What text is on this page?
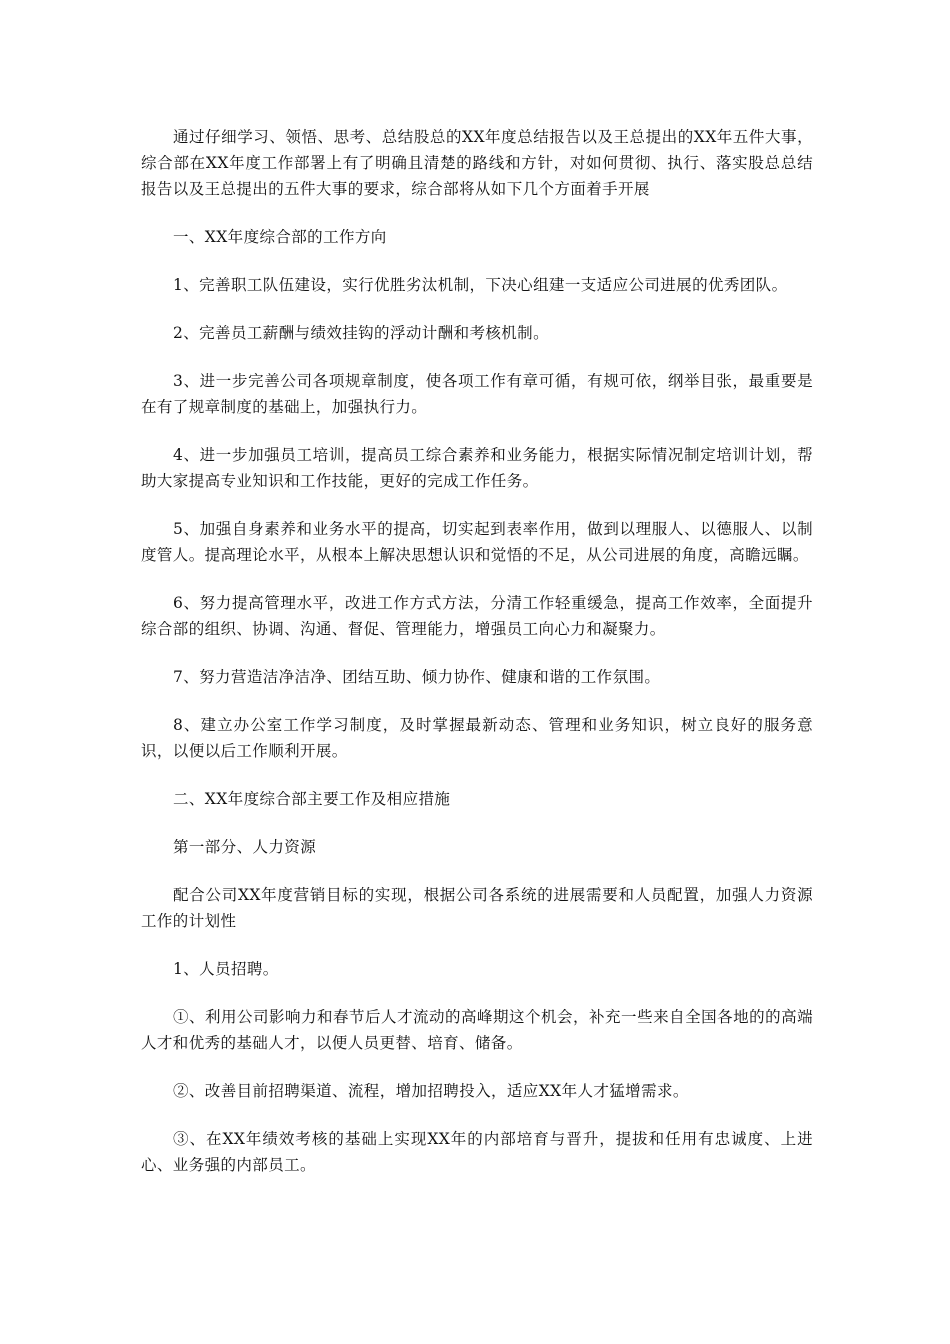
通过仔细学习、领悟、思考、总结股总的XX年度总结报告以及王总提出的XX年五件大事，综合部在XX年度工作部署上有了明确且清楚的路线和方针，对如何贯彻、执行、落实股总总结报告以及王总提出的五件大事的要求，综合部将从如下几个方面着手开展

一、XX年度综合部的工作方向

1、完善职工队伍建设，实行优胜劣汰机制，下决心组建一支适应公司进展的优秀团队。

2、完善员工薪酬与绩效挂钩的浮动计酬和考核机制。

3、进一步完善公司各项规章制度，使各项工作有章可循，有规可依，纲举目张，最重要是在有了规章制度的基础上，加强执行力。

4、进一步加强员工培训，提高员工综合素养和业务能力，根据实际情况制定培训计划，帮助大家提高专业知识和工作技能，更好的完成工作任务。

5、加强自身素养和业务水平的提高，切实起到表率作用，做到以理服人、以德服人、以制度管人。提高理论水平，从根本上解决思想认识和觉悟的不足，从公司进展的角度，高瞻远瞩。

6、努力提高管理水平，改进工作方式方法，分清工作轻重缓急，提高工作效率，全面提升综合部的组织、协调、沟通、督促、管理能力，增强员工向心力和凝聚力。

7、努力营造洁净洁净、团结互助、倾力协作、健康和谐的工作氛围。

8、建立办公室工作学习制度，及时掌握最新动态、管理和业务知识，树立良好的服务意识，以便以后工作顺利开展。

二、XX年度综合部主要工作及相应措施

第一部分、人力资源

配合公司XX年度营销目标的实现，根据公司各系统的进展需要和人员配置，加强人力资源工作的计划性

1、人员招聘。

①、利用公司影响力和春节后人才流动的高峰期这个机会，补充一些来自全国各地的的高端人才和优秀的基础人才，以便人员更替、培育、储备。

②、改善目前招聘渠道、流程，增加招聘投入，适应XX年人才猛增需求。

③、在XX年绩效考核的基础上实现XX年的内部培育与晋升，提拔和任用有忠诚度、上进心、业务强的内部员工。
